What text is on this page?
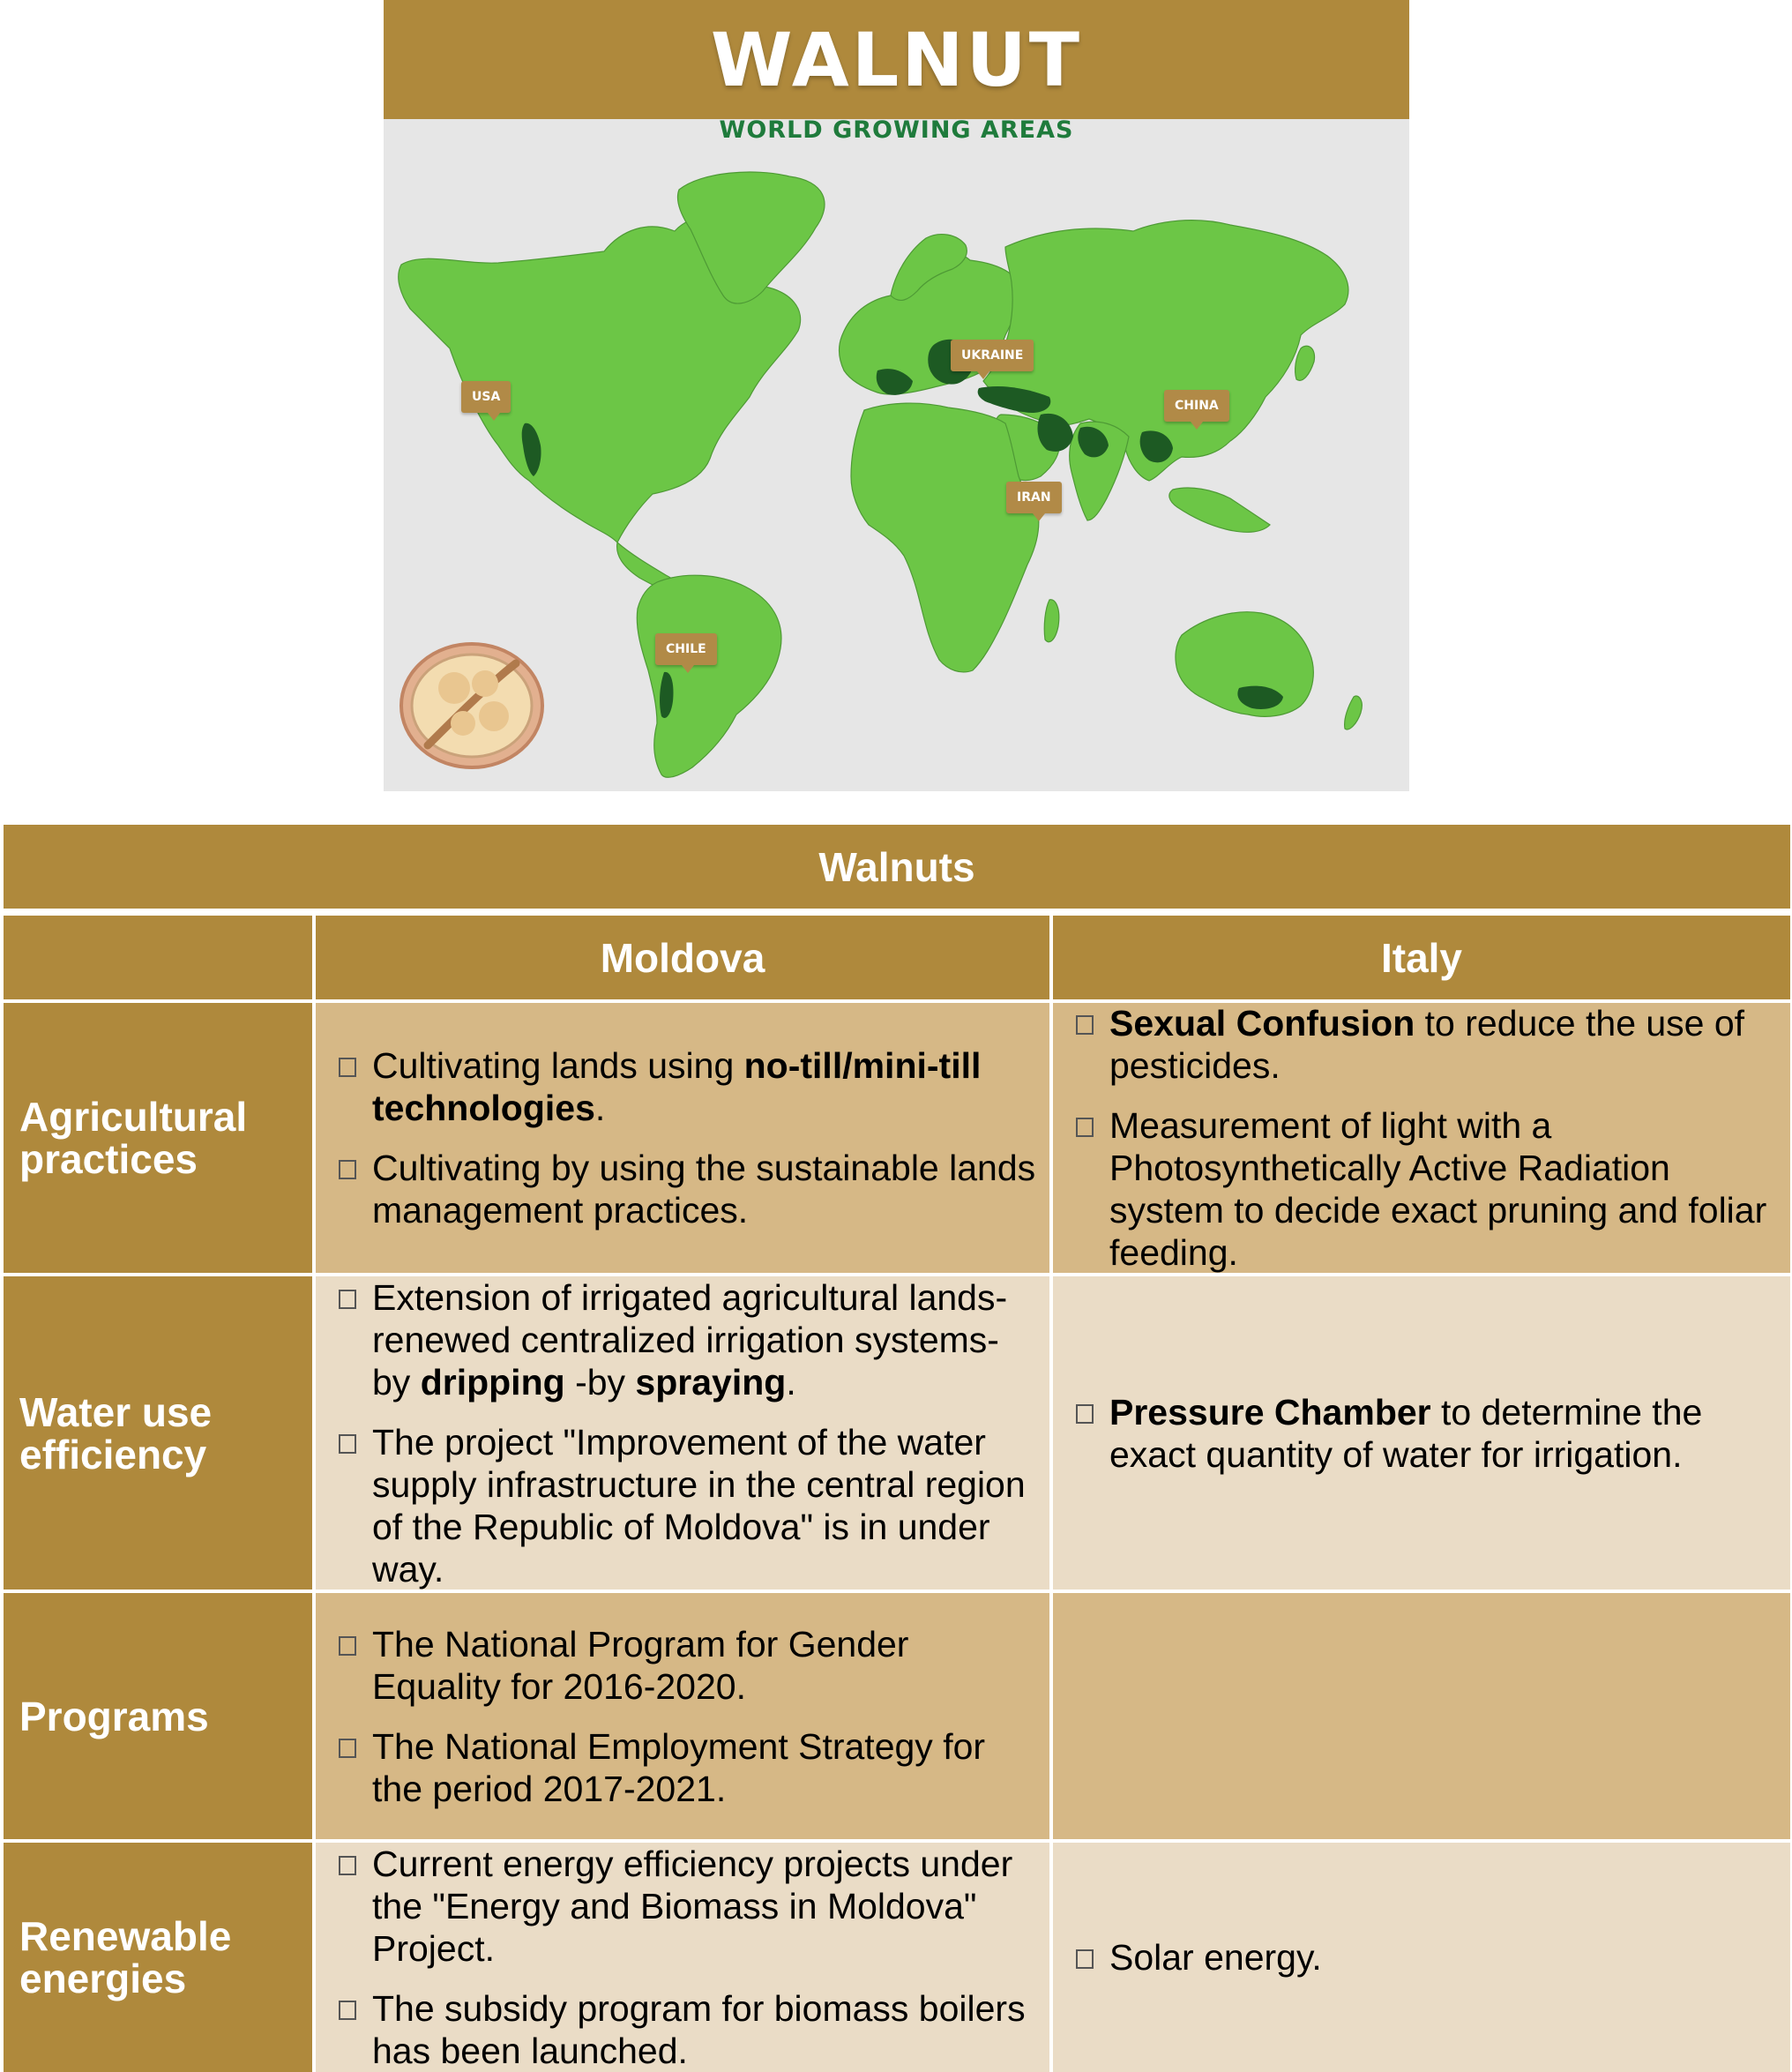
WALNUT
WORLD GROWING AREAS
USA
UKRAINE
CHINA
IRAN
CHILE
Walnuts
Moldova	Italy
Agricultural practices
Cultivating lands using no-till/mini-till technologies.
Cultivating by using the sustainable lands management practices.
Sexual Confusion to reduce the use of pesticides.
Measurement of light with a Photosynthetically Active Radiation system to decide exact pruning and foliar feeding.
Water use efficiency
Extension of irrigated agricultural lands-renewed centralized irrigation systems- by dripping -by spraying.
The project "Improvement of the water supply infrastructure in the central region of the Republic of Moldova" is in under way.
Pressure Chamber to determine the exact quantity of water for irrigation.
Programs
The National Program for Gender Equality for 2016-2020.
The National Employment Strategy for the period 2017-2021.
Renewable energies
Current energy efficiency projects under the "Energy and Biomass in Moldova" Project.
The subsidy program for biomass boilers has been launched.
Solar energy.
